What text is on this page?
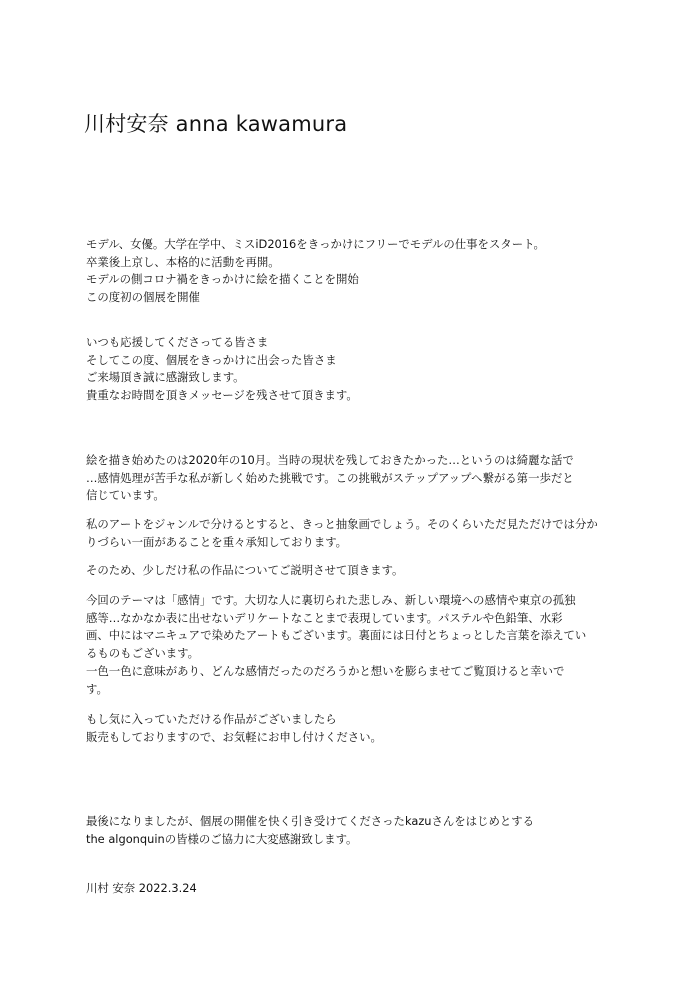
川村安奈 anna kawamura

モデル、女優。大学在学中、ミスiD2016をきっかけにフリーでモデルの仕事をスタート。
卒業後上京し、本格的に活動を再開。
モデルの側コロナ禍をきっかけに絵を描くことを開始
この度初の個展を開催

いつも応援してくださってる皆さま
そしてこの度、個展をきっかけに出会った皆さま
ご来場頂き誠に感謝致します。
貴重なお時間を頂きメッセージを残させて頂きます。

絵を描き始めたのは2020年の10月。当時の現状を残しておきたかった…というのは綺麗な話で
…感情処理が苦手な私が新しく始めた挑戦です。この挑戦がステップアップへ繋がる第一歩だと
信じています。

私のアートをジャンルで分けるとすると、きっと抽象画でしょう。そのくらいただ見ただけでは分か
りづらい一面があることを重々承知しております。

そのため、少しだけ私の作品についてご説明させて頂きます。

今回のテーマは「感情」です。大切な人に裏切られた悲しみ、新しい環境への感情や東京の孤独
感等…なかなか表に出せないデリケートなことまで表現しています。パステルや色鉛筆、水彩
画、中にはマニキュアで染めたアートもございます。裏面には日付とちょっとした言葉を添えてい
るものもございます。

一色一色に意味があり、どんな感情だったのだろうかと想いを膨らませてご覧頂けると幸いで
す。

もし気に入っていただける作品がございましたら
販売もしておりますので、お気軽にお申し付けください。

最後になりましたが、個展の開催を快く引き受けてくださったkazuさんをはじめとする
the algonquinの皆様のご協力に大変感謝致します。

川村 安奈 2022.3.24
